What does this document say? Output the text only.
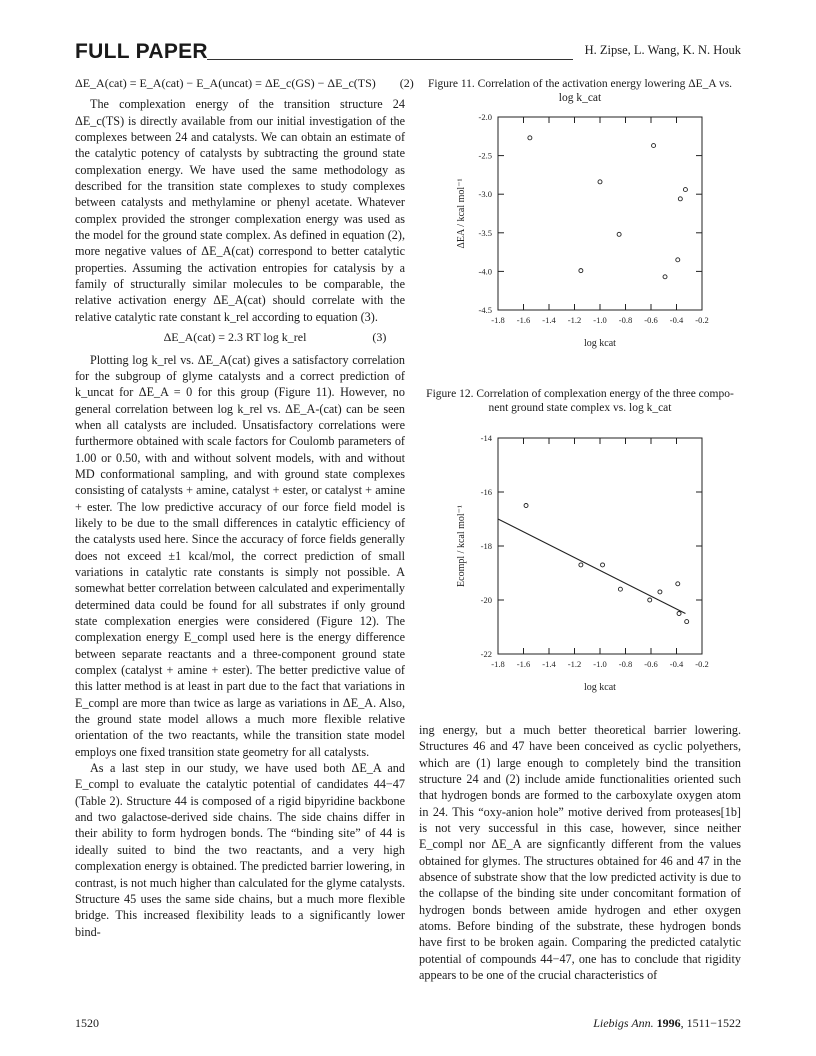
FULL PAPER	H. Zipse, L. Wang, K. N. Houk
ΔE_A(cat) = E_A(cat) − E_A(uncat) = ΔE_c(GS) − ΔE_c(TS) (2)

The complexation energy of the transition structure 24 ΔE_c(TS) is directly available from our initial investigation of the complexes between 24 and catalysts. We can obtain an estimate of the catalytic potency of catalysts by subtracting the ground state complexation energy. We have used the same methodology as described for the transition state complexes to study complexes between catalysts and methylamine or phenyl acetate. Whatever complex provided the stronger complexation energy was used as the model for the ground state complex. As defined in equation (2), more negative values of ΔE_A(cat) correspond to better catalytic properties. Assuming the activation entropies for catalysis by a family of structurally similar molecules to be comparable, the relative activation energy ΔE_A(cat) should correlate with the relative catalytic rate constant k_rel according to equation (3).

ΔE_A(cat) = 2.3 RT log k_rel	(3)

Plotting log k_rel vs. ΔE_A(cat) gives a satisfactory correlation for the subgroup of glyme catalysts and a correct prediction of k_uncat for ΔE_A = 0 for this group (Figure 11). However, no general correlation between log k_rel vs. ΔE_A-(cat) can be seen when all catalysts are included. Unsatisfactory correlations were furthermore obtained with scale factors for Coulomb parameters of 1.00 or 0.50, with and without solvent models, with and without MD conformational sampling, and with ground state complexes consisting of catalysts + amine, catalyst + ester, or catalyst + amine + ester. The low predictive accuracy of our force field model is likely to be due to the small differences in catalytic efficiency of the catalysts used here. Since the accuracy of force fields generally does not exceed ±1 kcal/mol, the correct prediction of small variations in catalytic rate constants is simply not possible. A somewhat better correlation between calculated and experimentally determined data could be found for all substrates if only ground state complexation energies were considered (Figure 12). The complexation energy E_compl used here is the energy difference between separate reactants and a three-component ground state complex (catalyst + amine + ester). The better predictive value of this latter method is at least in part due to the fact that variations in E_compl are more than twice as large as variations in ΔE_A. Also, the ground state model allows a much more flexible relative orientation of the two reactants, while the transition state model employs one fixed transition state geometry for all catalysts.

As a last step in our study, we have used both ΔE_A and E_compl to evaluate the catalytic potential of candidates 44−47 (Table 2). Structure 44 is composed of a rigid bipyridine backbone and two galactose-derived side chains. The side chains differ in their ability to form hydrogen bonds. The “binding site” of 44 is ideally suited to bind the two reactants, and a very high complexation energy is obtained. The predicted barrier lowering, in contrast, is not much higher than calculated for the glyme catalysts. Structure 45 uses the same side chains, but a much more flexible bridge. This increased flexibility leads to a significantly lower bind-

Figure 11. Correlation of the activation energy lowering ΔE_A vs.
log k_cat
-1.8 -1.6 -1.4 -1.2 -1.0 -0.8 -0.6 -0.4 -0.2
-2.0
-2.5
-3.0
-3.5
-4.0
-4.5
log kcat
ΔEA / kcal mol⁻¹
Figure 12. Correlation of complexation energy of the three compo-
nent ground state complex vs. log k_cat
-1.8 -1.6 -1.4 -1.2 -1.0 -0.8 -0.6 -0.4 -0.2
-14
-16
-18
-20
-22
log kcat
Ecompl / kcal mol⁻¹

ing energy, but a much better theoretical barrier lowering. Structures 46 and 47 have been conceived as cyclic polyethers, which are (1) large enough to completely bind the transition structure 24 and (2) include amide functionalities oriented such that hydrogen bonds are formed to the carboxylate oxygen atom in 24. This “oxy-anion hole” motive derived from proteases[1b] is not very successful in this case, however, since neither E_compl nor ΔE_A are signficantly different from the values obtained for glymes. The structures obtained for 46 and 47 in the absence of substrate show that the low predicted activity is due to the collapse of the binding site under concomitant formation of hydrogen bonds between amide hydrogen and ether oxygen atoms. Before binding of the substrate, these hydrogen bonds have first to be broken again. Comparing the predicted catalytic potential of compounds 44−47, one has to conclude that rigidity appears to be one of the crucial characteristics of

1520	Liebigs Ann. 1996, 1511−1522
